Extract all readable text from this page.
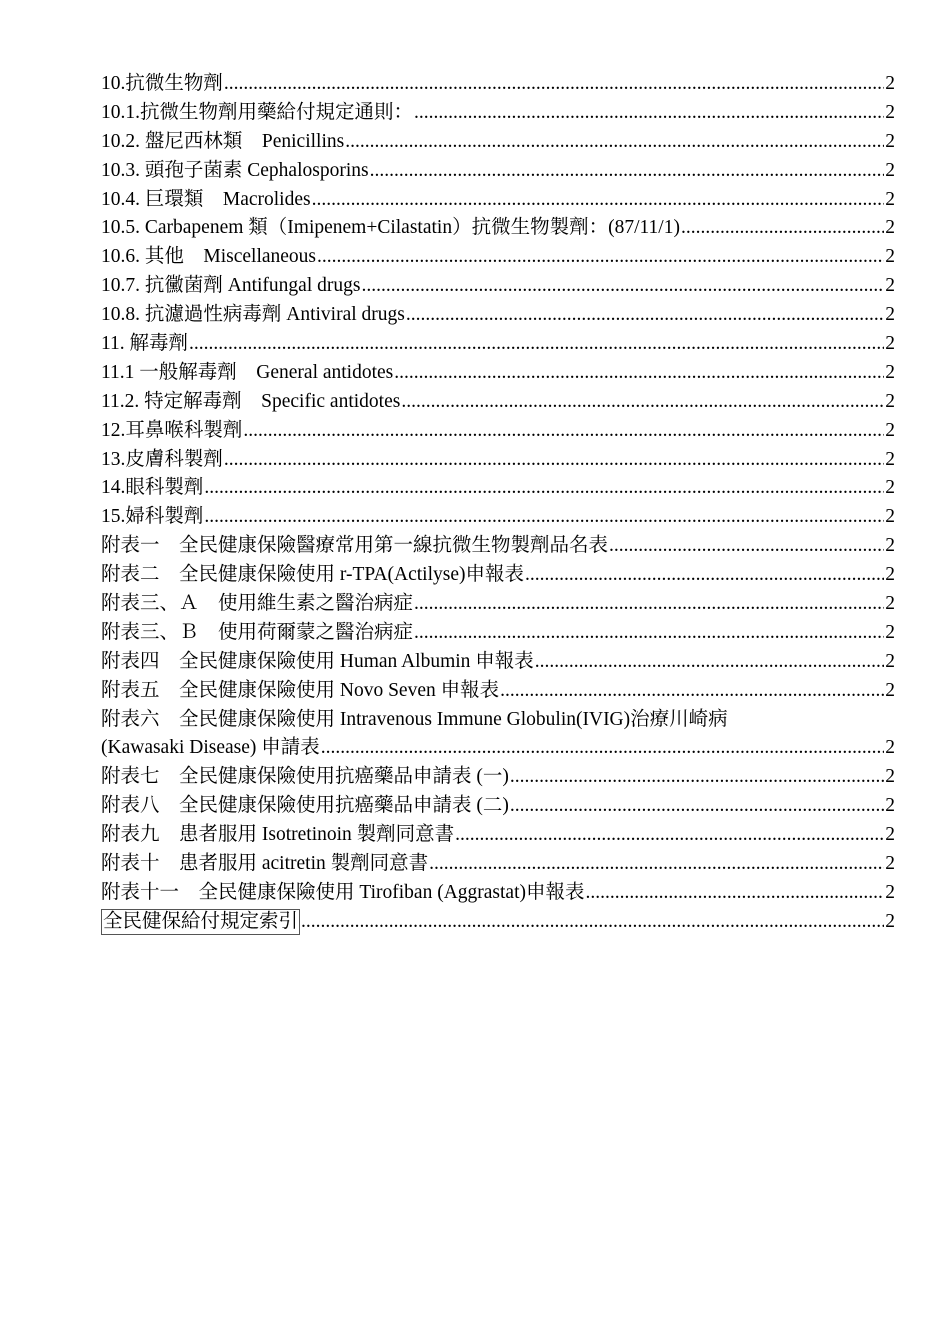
10.抗微生物劑 .....	2
10.1.抗微生物劑用藥給付規定通則： .....	2
10.2. 盤尼西林類　Penicillins .....	2
10.3. 頭孢子菌素 Cephalosporins .....	2
10.4. 巨環類　Macrolides .....	2
10.5. Carbapenem 類（Imipenem+Cilastatin）抗微生物製劑：(87/11/1) .....	2
10.6. 其他　Miscellaneous .....	2
10.7. 抗黴菌劑 Antifungal drugs .....	2
10.8. 抗濾過性病毒劑 Antiviral drugs .....	2
11. 解毒劑 .....	2
11.1 一般解毒劑　General antidotes .....	2
11.2. 特定解毒劑　Specific antidotes .....	2
12.耳鼻喉科製劑 .....	2
13.皮膚科製劑 .....	2
14.眼科製劑 .....	2
15.婦科製劑 .....	2
附表一　全民健康保險醫療常用第一線抗微生物製劑品名表 .....	2
附表二　全民健康保險使用 r-TPA(Actilyse)申報表 .....	2
附表三、Ａ　使用維生素之醫治病症 .....	2
附表三、Ｂ　使用荷爾蒙之醫治病症 .....	2
附表四　全民健康保險使用 Human Albumin 申報表 .....	2
附表五　全民健康保險使用 Novo Seven 申報表 .....	2
附表六　全民健康保險使用 Intravenous Immune Globulin(IVIG)治療川崎病
(Kawasaki Disease) 申請表 .....	2
附表七　全民健康保險使用抗癌藥品申請表 (一) .....	2
附表八　全民健康保險使用抗癌藥品申請表 (二) .....	2
附表九　患者服用 Isotretinoin 製劑同意書 .....	2
附表十　患者服用 acitretin 製劑同意書 .....	2
附表十一　全民健康保險使用 Tirofiban (Aggrastat)申報表 .....	2
全民健保給付規定索引 .....	2
